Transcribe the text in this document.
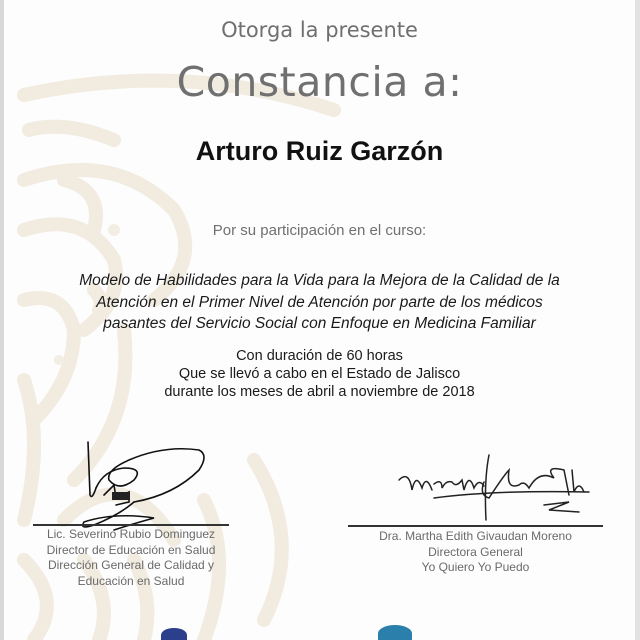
Otorga la presente
Constancia a:
Arturo Ruiz Garzón
Por su participación en el curso:
Modelo de Habilidades para la Vida para la Mejora de la Calidad de la
Atención en el Primer Nivel de Atención por parte de los médicos
pasantes del Servicio Social con Enfoque en Medicina Familiar
Con duración de 60 horas
Que se llevó a cabo en el Estado de Jalisco
durante los meses de abril a noviembre de 2018
Lic. Severino Rubio Dominguez
Director de Educación en Salud
Dirección General de Calidad y
Educación en Salud
Dra. Martha Edith Givaudan Moreno
Directora General
Yo Quiero Yo Puedo
